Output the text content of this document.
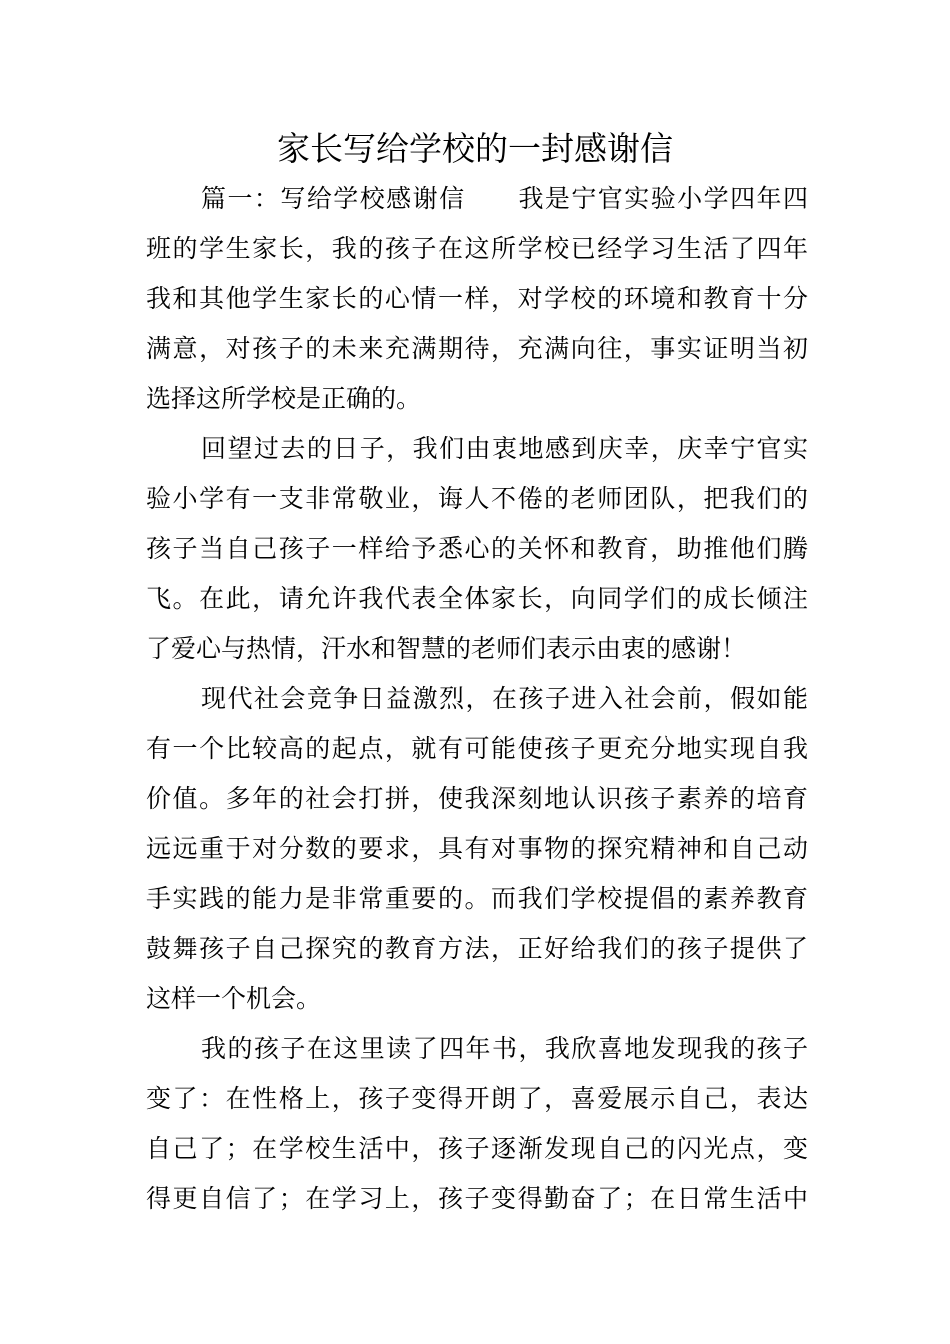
家长写给学校的一封感谢信
篇一：写给学校感谢信　　我是宁官实验小学四年四
班的学生家长，我的孩子在这所学校已经学习生活了四年
我和其他学生家长的心情一样，对学校的环境和教育十分
满意，对孩子的未来充满期待，充满向往，事实证明当初
选择这所学校是正确的。
回望过去的日子，我们由衷地感到庆幸，庆幸宁官实
验小学有一支非常敬业，诲人不倦的老师团队，把我们的
孩子当自己孩子一样给予悉心的关怀和教育，助推他们腾
飞。在此，请允许我代表全体家长，向同学们的成长倾注
了爱心与热情，汗水和智慧的老师们表示由衷的感谢！
现代社会竞争日益激烈，在孩子进入社会前，假如能
有一个比较高的起点，就有可能使孩子更充分地实现自我
价值。多年的社会打拼，使我深刻地认识孩子素养的培育
远远重于对分数的要求，具有对事物的探究精神和自己动
手实践的能力是非常重要的。而我们学校提倡的素养教育
鼓舞孩子自己探究的教育方法，正好给我们的孩子提供了
这样一个机会。
我的孩子在这里读了四年书，我欣喜地发现我的孩子
变了：在性格上，孩子变得开朗了，喜爱展示自己，表达
自己了；在学校生活中，孩子逐渐发现自己的闪光点，变
得更自信了；在学习上，孩子变得勤奋了；在日常生活中
